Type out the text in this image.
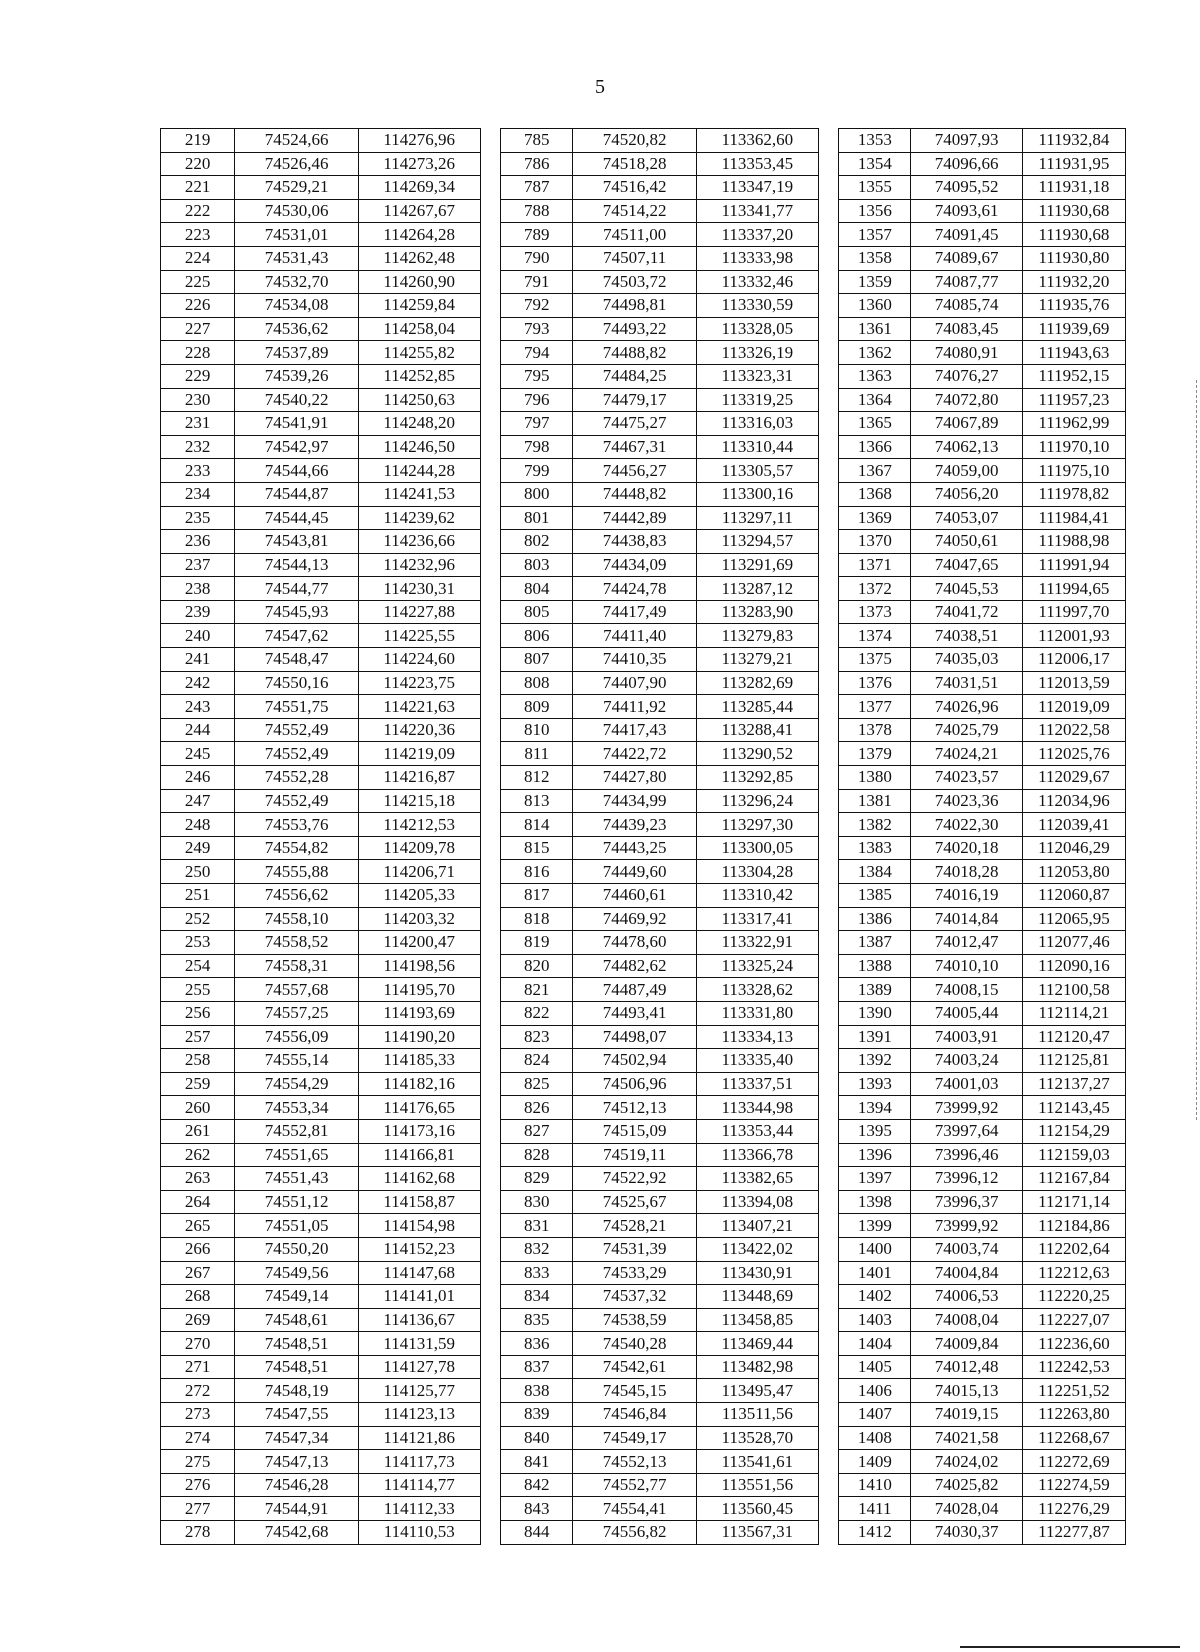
5
219	74524,66	114276,96		785	74520,82	113362,60		1353	74097,93	111932,84
220	74526,46	114273,26		786	74518,28	113353,45		1354	74096,66	111931,95
221	74529,21	114269,34		787	74516,42	113347,19		1355	74095,52	111931,18
222	74530,06	114267,67		788	74514,22	113341,77		1356	74093,61	111930,68
223	74531,01	114264,28		789	74511,00	113337,20		1357	74091,45	111930,68
224	74531,43	114262,48		790	74507,11	113333,98		1358	74089,67	111930,80
225	74532,70	114260,90		791	74503,72	113332,46		1359	74087,77	111932,20
226	74534,08	114259,84		792	74498,81	113330,59		1360	74085,74	111935,76
227	74536,62	114258,04		793	74493,22	113328,05		1361	74083,45	111939,69
228	74537,89	114255,82		794	74488,82	113326,19		1362	74080,91	111943,63
229	74539,26	114252,85		795	74484,25	113323,31		1363	74076,27	111952,15
230	74540,22	114250,63		796	74479,17	113319,25		1364	74072,80	111957,23
231	74541,91	114248,20		797	74475,27	113316,03		1365	74067,89	111962,99
232	74542,97	114246,50		798	74467,31	113310,44		1366	74062,13	111970,10
233	74544,66	114244,28		799	74456,27	113305,57		1367	74059,00	111975,10
234	74544,87	114241,53		800	74448,82	113300,16		1368	74056,20	111978,82
235	74544,45	114239,62		801	74442,89	113297,11		1369	74053,07	111984,41
236	74543,81	114236,66		802	74438,83	113294,57		1370	74050,61	111988,98
237	74544,13	114232,96		803	74434,09	113291,69		1371	74047,65	111991,94
238	74544,77	114230,31		804	74424,78	113287,12		1372	74045,53	111994,65
239	74545,93	114227,88		805	74417,49	113283,90		1373	74041,72	111997,70
240	74547,62	114225,55		806	74411,40	113279,83		1374	74038,51	112001,93
241	74548,47	114224,60		807	74410,35	113279,21		1375	74035,03	112006,17
242	74550,16	114223,75		808	74407,90	113282,69		1376	74031,51	112013,59
243	74551,75	114221,63		809	74411,92	113285,44		1377	74026,96	112019,09
244	74552,49	114220,36		810	74417,43	113288,41		1378	74025,79	112022,58
245	74552,49	114219,09		811	74422,72	113290,52		1379	74024,21	112025,76
246	74552,28	114216,87		812	74427,80	113292,85		1380	74023,57	112029,67
247	74552,49	114215,18		813	74434,99	113296,24		1381	74023,36	112034,96
248	74553,76	114212,53		814	74439,23	113297,30		1382	74022,30	112039,41
249	74554,82	114209,78		815	74443,25	113300,05		1383	74020,18	112046,29
250	74555,88	114206,71		816	74449,60	113304,28		1384	74018,28	112053,80
251	74556,62	114205,33		817	74460,61	113310,42		1385	74016,19	112060,87
252	74558,10	114203,32		818	74469,92	113317,41		1386	74014,84	112065,95
253	74558,52	114200,47		819	74478,60	113322,91		1387	74012,47	112077,46
254	74558,31	114198,56		820	74482,62	113325,24		1388	74010,10	112090,16
255	74557,68	114195,70		821	74487,49	113328,62		1389	74008,15	112100,58
256	74557,25	114193,69		822	74493,41	113331,80		1390	74005,44	112114,21
257	74556,09	114190,20		823	74498,07	113334,13		1391	74003,91	112120,47
258	74555,14	114185,33		824	74502,94	113335,40		1392	74003,24	112125,81
259	74554,29	114182,16		825	74506,96	113337,51		1393	74001,03	112137,27
260	74553,34	114176,65		826	74512,13	113344,98		1394	73999,92	112143,45
261	74552,81	114173,16		827	74515,09	113353,44		1395	73997,64	112154,29
262	74551,65	114166,81		828	74519,11	113366,78		1396	73996,46	112159,03
263	74551,43	114162,68		829	74522,92	113382,65		1397	73996,12	112167,84
264	74551,12	114158,87		830	74525,67	113394,08		1398	73996,37	112171,14
265	74551,05	114154,98		831	74528,21	113407,21		1399	73999,92	112184,86
266	74550,20	114152,23		832	74531,39	113422,02		1400	74003,74	112202,64
267	74549,56	114147,68		833	74533,29	113430,91		1401	74004,84	112212,63
268	74549,14	114141,01		834	74537,32	113448,69		1402	74006,53	112220,25
269	74548,61	114136,67		835	74538,59	113458,85		1403	74008,04	112227,07
270	74548,51	114131,59		836	74540,28	113469,44		1404	74009,84	112236,60
271	74548,51	114127,78		837	74542,61	113482,98		1405	74012,48	112242,53
272	74548,19	114125,77		838	74545,15	113495,47		1406	74015,13	112251,52
273	74547,55	114123,13		839	74546,84	113511,56		1407	74019,15	112263,80
274	74547,34	114121,86		840	74549,17	113528,70		1408	74021,58	112268,67
275	74547,13	114117,73		841	74552,13	113541,61		1409	74024,02	112272,69
276	74546,28	114114,77		842	74552,77	113551,56		1410	74025,82	112274,59
277	74544,91	114112,33		843	74554,41	113560,45		1411	74028,04	112276,29
278	74542,68	114110,53		844	74556,82	113567,31		1412	74030,37	112277,87
